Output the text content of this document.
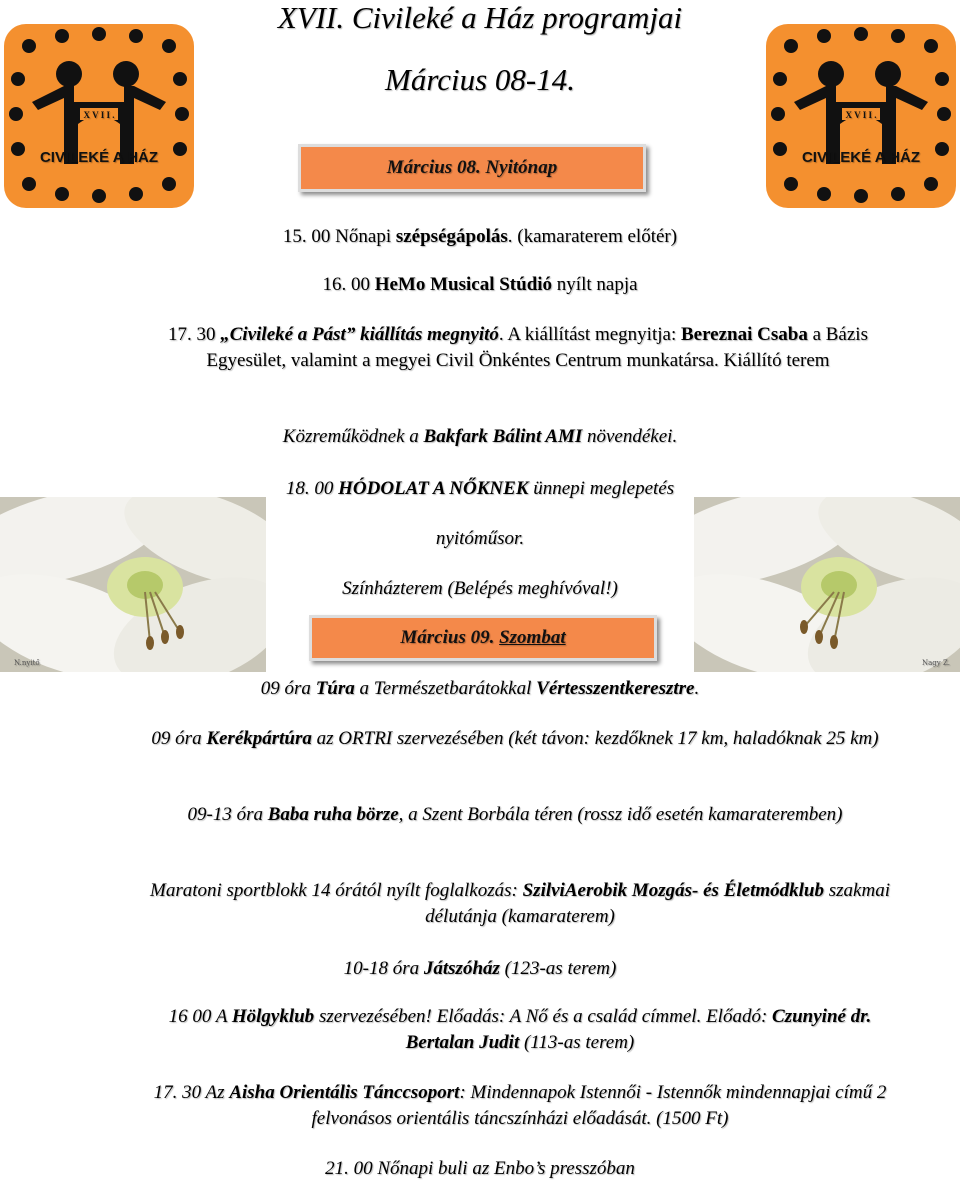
X V I I .
CIVILEKÉ A HÁZ
X V I I .
CIVILEKÉ A HÁZ
N.nyitő	Nagy Z.
XVII. Civileké a Ház programjai
Március 08-14.
Március 08. Nyitónap
15. 00 Nőnapi szépségápolás. (kamaraterem előtér)
16. 00 HeMo Musical Stúdió nyílt napja
17. 30 „Civileké a Pást” kiállítás megnyitó. A kiállítást megnyitja: Bereznai Csaba a Bázis Egyesület, valamint a megyei Civil Önkéntes Centrum munkatársa. Kiállító terem
Közreműködnek a Bakfark Bálint AMI növendékei.
18. 00 HÓDOLAT A NŐKNEK ünnepi meglepetés
nyitóműsor.
Színházterem (Belépés meghívóval!)
Március 09. Szombat
09 óra Túra a Természetbarátokkal Vértesszentkeresztre.
09 óra Kerékpártúra az ORTRI szervezésében (két távon: kezdőknek 17 km, haladóknak 25 km)
09-13 óra Baba ruha börze, a Szent Borbála téren (rossz idő esetén kamarateremben)
Maratoni sportblokk 14 órától nyílt foglalkozás: SzilviAerobik Mozgás- és Életmódklub szakmai délutánja (kamaraterem)
10-18 óra Játszóház (123-as terem)
16 00 A Hölgyklub szervezésében! Előadás: A Nő és a család címmel. Előadó: Czunyiné dr. Bertalan Judit (113-as terem)
17. 30 Az Aisha Orientális Tánccsoport: Mindennapok Istennői - Istennők mindennapjai című 2 felvonásos orientális táncszínházi előadását. (1500 Ft)
21. 00 Nőnapi buli az Enbo’s presszóban
